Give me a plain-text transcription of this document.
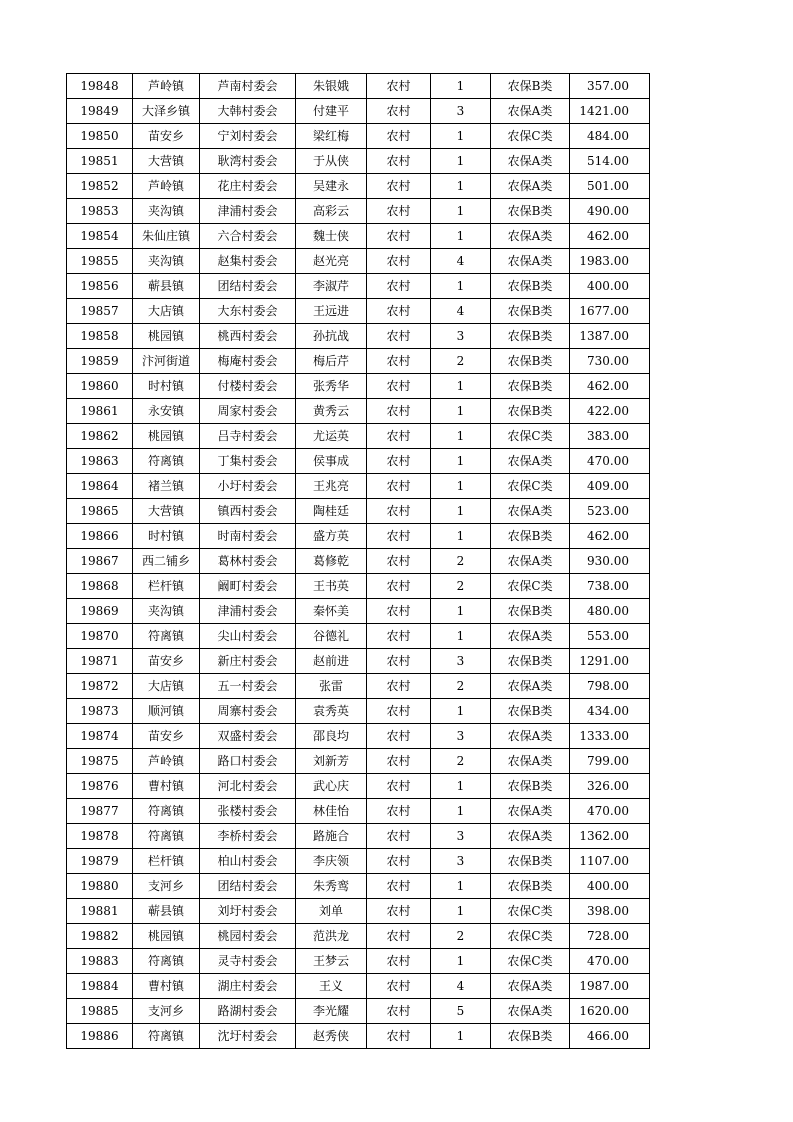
19848	芦岭镇	芦南村委会	朱银娥	农村	1	农保B类	357.00
19849	大泽乡镇	大韩村委会	付建平	农村	3	农保A类	1421.00
19850	苗安乡	宁刘村委会	梁红梅	农村	1	农保C类	484.00
19851	大营镇	耿湾村委会	于从侠	农村	1	农保A类	514.00
19852	芦岭镇	花庄村委会	吴建永	农村	1	农保A类	501.00
19853	夹沟镇	津浦村委会	高彩云	农村	1	农保B类	490.00
19854	朱仙庄镇	六合村委会	魏士侠	农村	1	农保A类	462.00
19855	夹沟镇	赵集村委会	赵光亮	农村	4	农保A类	1983.00
19856	蕲县镇	团结村委会	李淑芹	农村	1	农保B类	400.00
19857	大店镇	大东村委会	王远进	农村	4	农保B类	1677.00
19858	桃园镇	桃西村委会	孙抗战	农村	3	农保B类	1387.00
19859	汴河街道	梅庵村委会	梅后芹	农村	2	农保B类	730.00
19860	时村镇	付楼村委会	张秀华	农村	1	农保B类	462.00
19861	永安镇	周家村委会	黄秀云	农村	1	农保B类	422.00
19862	桃园镇	吕寺村委会	尤运英	农村	1	农保C类	383.00
19863	符离镇	丁集村委会	侯事成	农村	1	农保A类	470.00
19864	褚兰镇	小圩村委会	王兆亮	农村	1	农保C类	409.00
19865	大营镇	镇西村委会	陶桂廷	农村	1	农保A类	523.00
19866	时村镇	时南村委会	盛方英	农村	1	农保B类	462.00
19867	西二铺乡	葛林村委会	葛修乾	农村	2	农保A类	930.00
19868	栏杆镇	阚町村委会	王书英	农村	2	农保C类	738.00
19869	夹沟镇	津浦村委会	秦怀美	农村	1	农保B类	480.00
19870	符离镇	尖山村委会	谷德礼	农村	1	农保A类	553.00
19871	苗安乡	新庄村委会	赵前进	农村	3	农保B类	1291.00
19872	大店镇	五一村委会	张雷	农村	2	农保A类	798.00
19873	顺河镇	周寨村委会	袁秀英	农村	1	农保B类	434.00
19874	苗安乡	双盛村委会	邵良均	农村	3	农保A类	1333.00
19875	芦岭镇	路口村委会	刘新芳	农村	2	农保A类	799.00
19876	曹村镇	河北村委会	武心庆	农村	1	农保B类	326.00
19877	符离镇	张楼村委会	林佳怡	农村	1	农保A类	470.00
19878	符离镇	李桥村委会	路施合	农村	3	农保A类	1362.00
19879	栏杆镇	柏山村委会	李庆领	农村	3	农保B类	1107.00
19880	支河乡	团结村委会	朱秀鸾	农村	1	农保B类	400.00
19881	蕲县镇	刘圩村委会	刘单	农村	1	农保C类	398.00
19882	桃园镇	桃园村委会	范洪龙	农村	2	农保C类	728.00
19883	符离镇	灵寺村委会	王梦云	农村	1	农保C类	470.00
19884	曹村镇	湖庄村委会	王义	农村	4	农保A类	1987.00
19885	支河乡	路湖村委会	李光耀	农村	5	农保A类	1620.00
19886	符离镇	沈圩村委会	赵秀侠	农村	1	农保B类	466.00
